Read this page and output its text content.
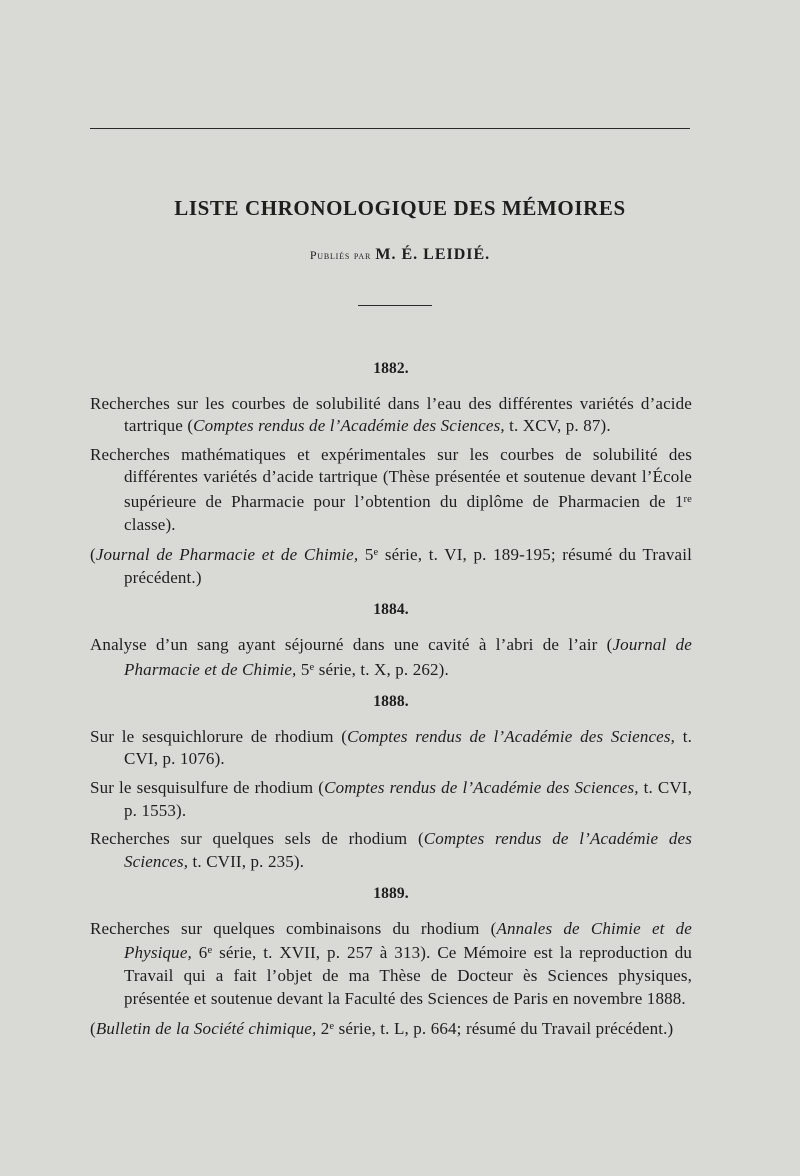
LISTE CHRONOLOGIQUE DES MÉMOIRES
Publiés par M. É. LEIDIÉ.
1882.
Recherches sur les courbes de solubilité dans l’eau des différentes variétés d’acide tartrique (Comptes rendus de l’Académie des Sciences, t. XCV, p. 87).
Recherches mathématiques et expérimentales sur les courbes de solubilité des différentes variétés d’acide tartrique (Thèse présentée et soutenue devant l’École supérieure de Pharmacie pour l’obtention du diplôme de Pharmacien de 1re classe).
(Journal de Pharmacie et de Chimie, 5e série, t. VI, p. 189-195; résumé du Travail précédent.)
1884.
Analyse d’un sang ayant séjourné dans une cavité à l’abri de l’air (Journal de Pharmacie et de Chimie, 5e série, t. X, p. 262).
1888.
Sur le sesquichlorure de rhodium (Comptes rendus de l’Académie des Sciences, t. CVI, p. 1076).
Sur le sesquisulfure de rhodium (Comptes rendus de l’Académie des Sciences, t. CVI, p. 1553).
Recherches sur quelques sels de rhodium (Comptes rendus de l’Académie des Sciences, t. CVII, p. 235).
1889.
Recherches sur quelques combinaisons du rhodium (Annales de Chimie et de Physique, 6e série, t. XVII, p. 257 à 313). Ce Mémoire est la reproduction du Travail qui a fait l’objet de ma Thèse de Docteur ès Sciences physiques, présentée et soutenue devant la Faculté des Sciences de Paris en novembre 1888.
(Bulletin de la Société chimique, 2e série, t. L, p. 664; résumé du Travail précédent.)
